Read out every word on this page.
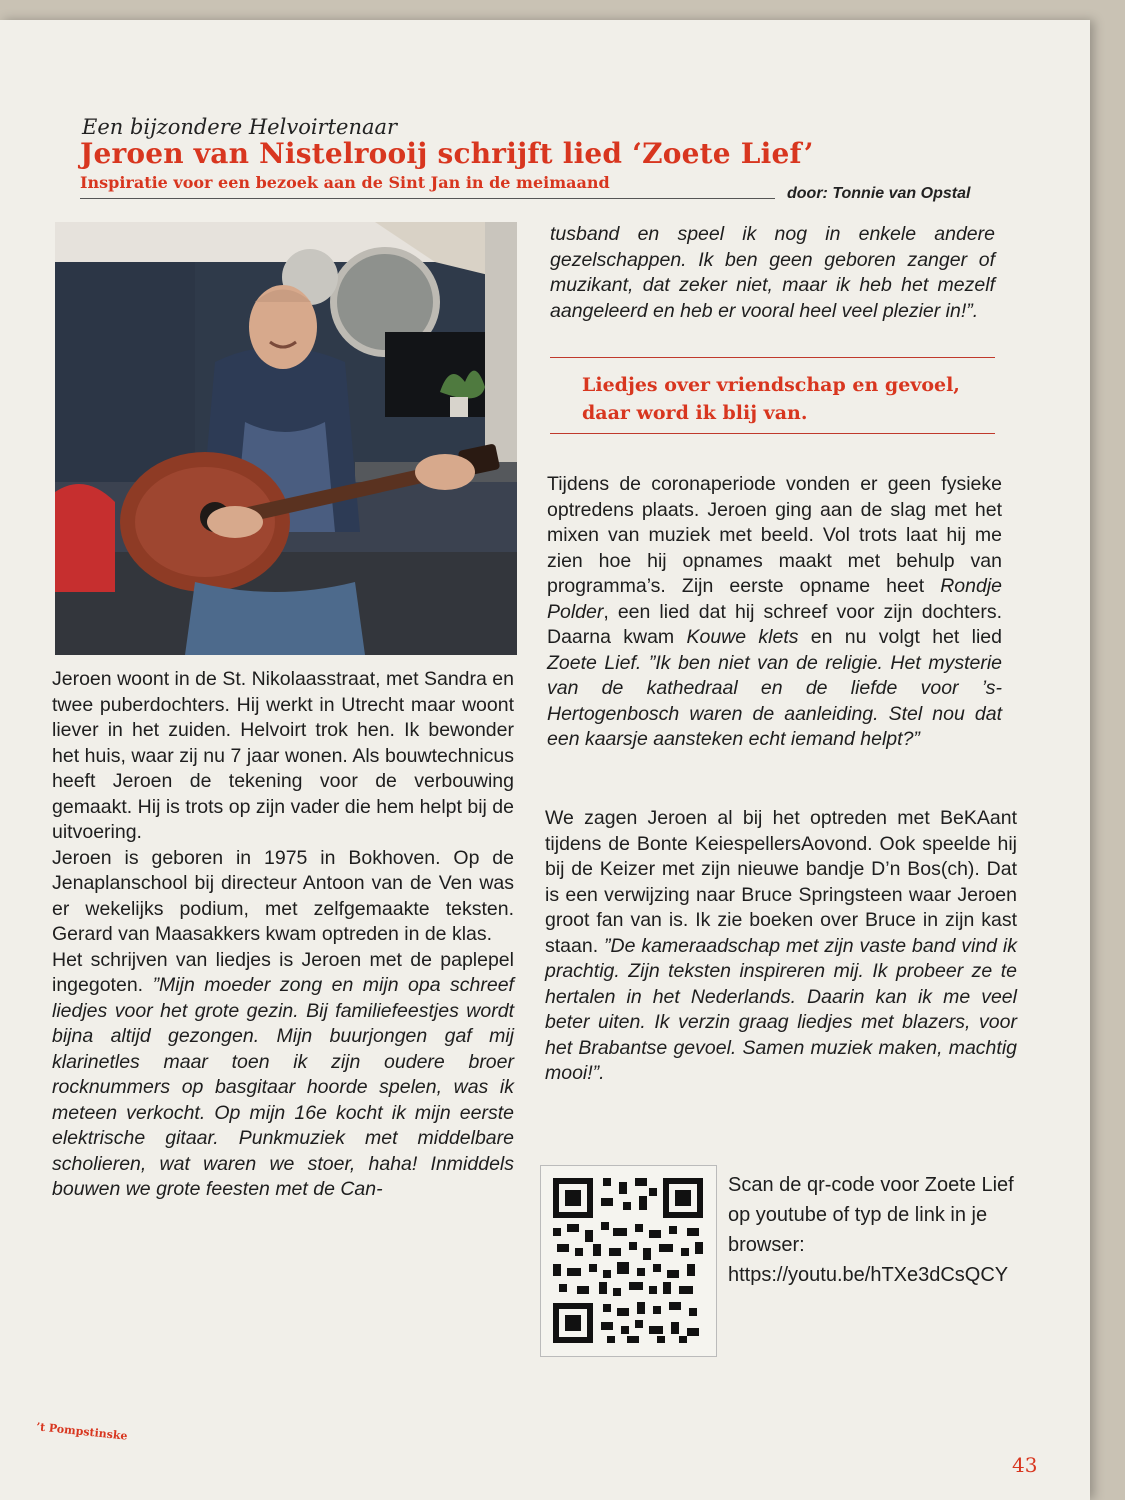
Een bijzondere Helvoirtenaar
Jeroen van Nistelrooij schrijft lied ‘Zoete Lief’
Inspiratie voor een bezoek aan de Sint Jan in de meimaand
door: Tonnie van Opstal

Jeroen woont in de St. Nikolaasstraat, met Sandra en twee puberdochters. Hij werkt in Utrecht maar woont liever in het zuiden. Helvoirt trok hen. Ik bewonder het huis, waar zij nu 7 jaar wonen. Als bouwtechnicus heeft Jeroen de tekening voor de verbouwing gemaakt. Hij is trots op zijn vader die hem helpt bij de uitvoering.

Jeroen is geboren in 1975 in Bokhoven. Op de Jenaplanschool bij directeur Antoon van de Ven was er wekelijks podium, met zelfgemaakte teksten. Gerard van Maasakkers kwam optreden in de klas.

Het schrijven van liedjes is Jeroen met de paplepel ingegoten. ”Mijn moeder zong en mijn opa schreef liedjes voor het grote gezin. Bij familiefeestjes wordt bijna altijd gezongen. Mijn buurjongen gaf mij klarinetles maar toen ik zijn oudere broer rocknummers op basgitaar hoorde spelen, was ik meteen verkocht. Op mijn 16e kocht ik mijn eerste elektrische gitaar. Punkmuziek met middelbare scholieren, wat waren we stoer, haha! Inmiddels bouwen we grote feesten met de Can-

tusband en speel ik nog in enkele andere gezelschappen. Ik ben geen geboren zanger of muzikant, dat zeker niet, maar ik heb het mezelf aangeleerd en heb er vooral heel veel plezier in!”.
Liedjes over vriendschap en gevoel, daar word ik blij van.
Tijdens de coronaperiode vonden er geen fysieke optredens plaats. Jeroen ging aan de slag met het mixen van muziek met beeld. Vol trots laat hij me zien hoe hij opnames maakt met behulp van programma’s. Zijn eerste opname heet Rondje Polder, een lied dat hij schreef voor zijn dochters. Daarna kwam Kouwe klets en nu volgt het lied Zoete Lief. ”Ik ben niet van de religie. Het mysterie van de kathedraal en de liefde voor ’s-Hertogenbosch waren de aanleiding. Stel nou dat een kaarsje aansteken echt iemand helpt?”
We zagen Jeroen al bij het optreden met BeKAant tijdens de Bonte KeiespellersAovond. Ook speelde hij bij de Keizer met zijn nieuwe bandje D’n Bos(ch). Dat is een verwijzing naar Bruce Springsteen waar Jeroen groot fan van is. Ik zie boeken over Bruce in zijn kast staan. ”De kameraadschap met zijn vaste band vind ik prachtig. Zijn teksten inspireren mij. Ik probeer ze te hertalen in het Nederlands. Daarin kan ik me veel beter uiten. Ik verzin graag liedjes met blazers, voor het Brabantse gevoel. Samen muziek maken, machtig mooi!”.
Scan de qr-code voor Zoete Lief op youtube of typ de link in je browser: https://youtu.be/hTXe3dCsQCY
’t Pompstinske
43
